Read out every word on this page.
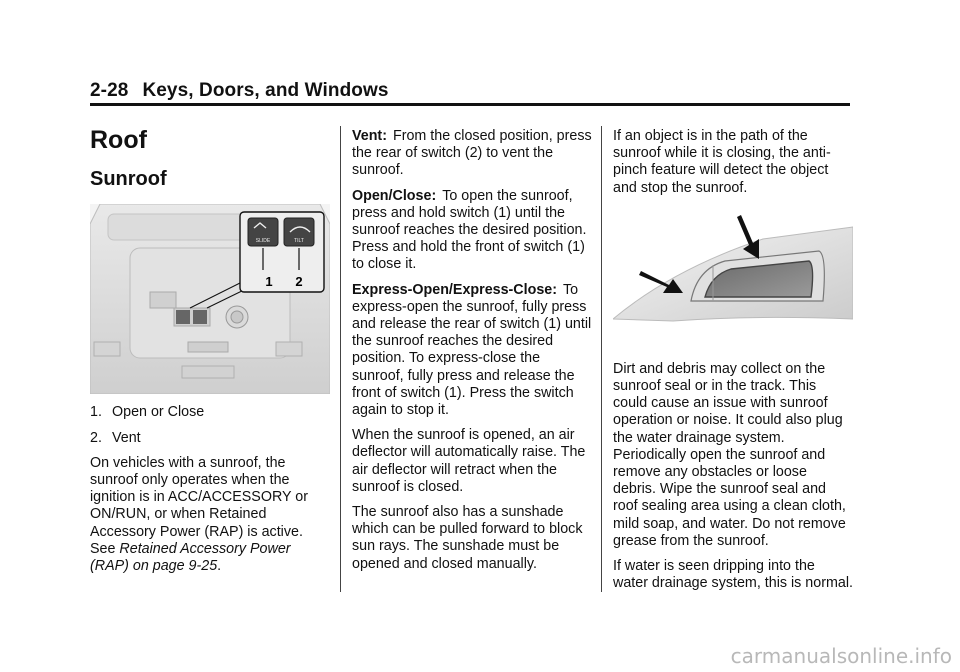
2-28 Keys, Doors, and Windows
Roof
Sunroof
SLIDE	TILT
1 2

1. Open or Close

2. Vent

On vehicles with a sunroof, the sunroof only operates when the ignition is in ACC/ACCESSORY or ON/RUN, or when Retained Accessory Power (RAP) is active.

See Retained Accessory Power (RAP) on page 9-25.

Vent: From the closed position, press the rear of switch (2) to vent the sunroof.

Open/Close: To open the sunroof, press and hold switch (1) until the sunroof reaches the desired position. Press and hold the front of switch (1) to close it.

Express-Open/Express-Close: To express-open the sunroof, fully press and release the rear of switch (1) until the sunroof reaches the desired position. To express-close the sunroof, fully press and release the front of switch (1). Press the switch again to stop it.

When the sunroof is opened, an air deflector will automatically raise. The air deflector will retract when the sunroof is closed.

The sunroof also has a sunshade which can be pulled forward to block sun rays. The sunshade must be opened and closed manually.

If an object is in the path of the sunroof while it is closing, the anti-pinch feature will detect the object and stop the sunroof.

Dirt and debris may collect on the sunroof seal or in the track. This could cause an issue with sunroof operation or noise. It could also plug the water drainage system. Periodically open the sunroof and remove any obstacles or loose debris. Wipe the sunroof seal and roof sealing area using a clean cloth, mild soap, and water. Do not remove grease from the sunroof.

If water is seen dripping into the water drainage system, this is normal.

carmanualsonline.info
